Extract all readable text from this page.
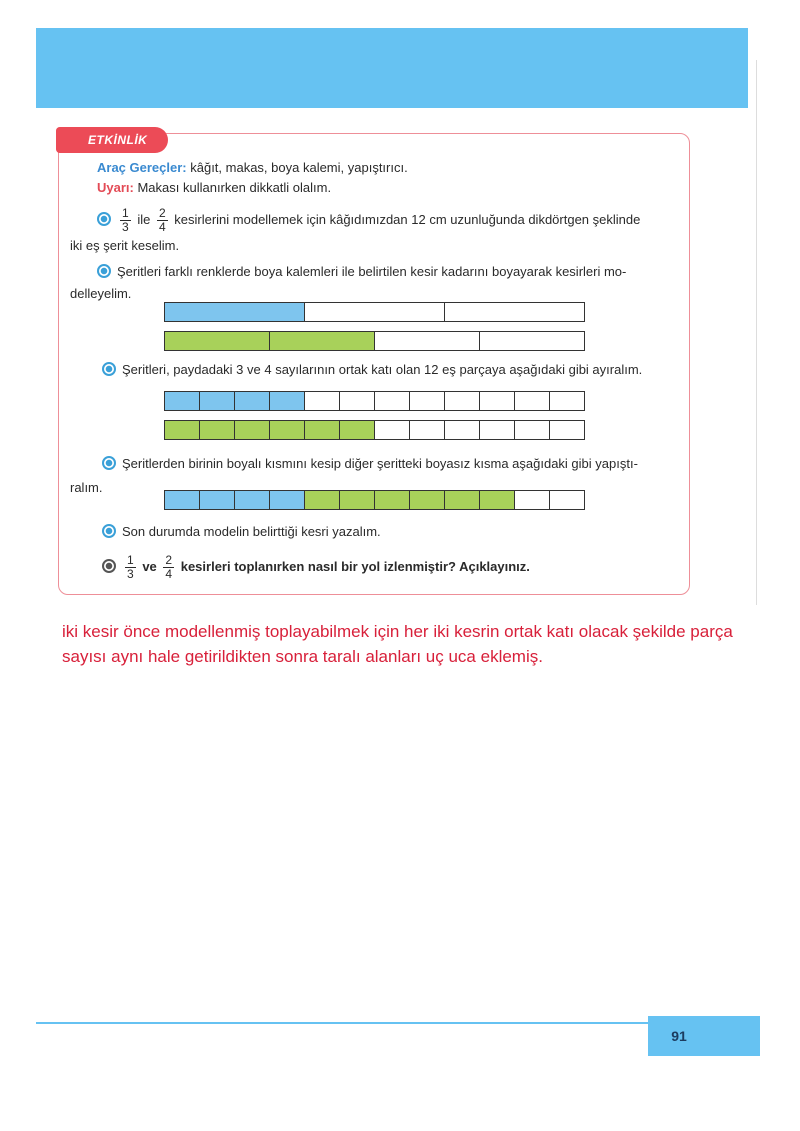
ETKİNLİK
Araç Gereçler: kâğıt, makas, boya kalemi, yapıştırıcı.
Uyarı: Makası kullanırken dikkatli olalım.
$\frac{1}{3}$ ile $\frac{2}{4}$ kesirlerini modellemek için kâğıdımızdan 12 cm uzunluğunda dikdörtgen şeklinde
iki eş şerit keselim.
Şeritleri farklı renklerde boya kalemleri ile belirtilen kesir kadarını boyayarak kesirleri mo-
delleyelim.
Şeritleri, paydadaki 3 ve 4 sayılarının ortak katı olan 12 eş parçaya aşağıdaki gibi ayıralım.
Şeritlerden birinin boyalı kısmını kesip diğer şeritteki boyasız kısma aşağıdaki gibi yapıştı-
ralım.
Son durumda modelin belirttiği kesri yazalım.
$\frac{1}{3}$ ve $\frac{2}{4}$ kesirleri toplanırken nasıl bir yol izlenmiştir? Açıklayınız.
iki kesir önce modellenmiş toplayabilmek için her iki kesrin ortak katı olacak şekilde parça sayısı aynı hale getirildikten sonra taralı alanları uç uca eklemiş.
91
